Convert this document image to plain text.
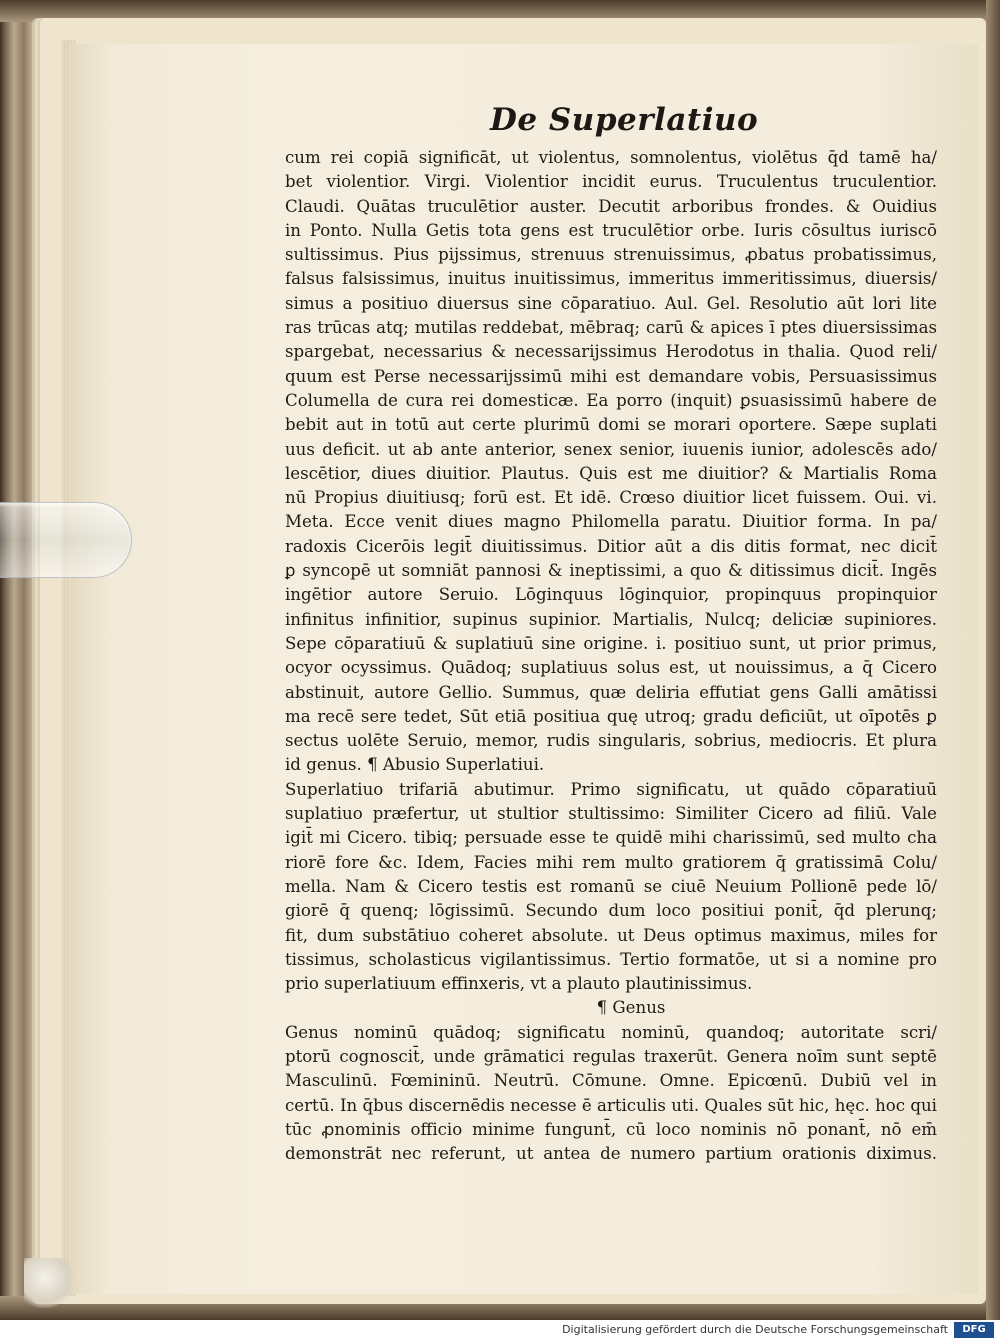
De Superlatiuo
cum rei copiā significāt, ut violentus, somnolentus, violētus q̄d tamē ha/
bet violentior. Virgi. Violentior incidit eurus. Truculentus truculentior.
Claudi. Quātas truculētior auster. Decutit arboribus frondes. & Ouidius
in Ponto. Nulla Getis tota gens est truculētior orbe. Iuris cōsultus iuriscō
sultissimus. Pius pijssimus, strenuus strenuissimus, ꝓbatus probatissimus,
falsus falsissimus, inuitus inuitissimus, immeritus immeritissimus, diuersis/
simus a positiuo diuersus sine cōparatiuo. Aul. Gel. Resolutio aūt lori lite
ras trūcas atq; mutilas reddebat, mēbraq; carū & apices ī ptes diuersissimas
spargebat, necessarius & necessarijssimus Herodotus in thalia. Quod reli/
quum est Perse necessarijssimū mihi est demandare vobis, Persuasissimus
Columella de cura rei domesticæ. Ea porro (inquit) ꝑsuasissimū habere de
bebit aut in totū aut certe plurimū domi se morari oportere. Sæpe suplati
uus deficit. ut ab ante anterior, senex senior, iuuenis iunior, adolescēs ado/
lescētior, diues diuitior. Plautus. Quis est me diuitior? & Martialis Roma
nū Propius diuitiusq; forū est. Et idē. Crœso diuitior licet fuissem. Oui. vi.
Meta. Ecce venit diues magno Philomella paratu. Diuitior forma. In pa/
radoxis Cicerōis legit̄ diuitissimus. Ditior aūt a dis ditis format, nec dicit̄
ꝑ syncopē ut somniāt pannosi & ineptissimi, a quo & ditissimus dicit̄. Ingēs
ingētior autore Seruio. Lōginquus lōginquior, propinquus propinquior
infinitus infinitior, supinus supinior. Martialis, Nulcq; deliciæ supiniores.
Sepe cōparatiuū & suplatiuū sine origine. i. positiuo sunt, ut prior primus,
ocyor ocyssimus. Quādoq; suplatiuus solus est, ut nouissimus, a q̄ Cicero
abstinuit, autore Gellio. Summus, quæ deliria effutiat gens Galli amātissi
ma recē sere tedet, Sūt etiā positiua quę utroq; gradu deficiūt, ut oīpotēs ꝑ
sectus uolēte Seruio, memor, rudis singularis, sobrius, mediocris. Et plura
id genus. ¶ Abusio Superlatiui.
Superlatiuo trifariā abutimur. Primo significatu, ut quādo cōparatiuū
suplatiuo præfertur, ut stultior stultissimo: Similiter Cicero ad filiū. Vale
igit̄ mi Cicero. tibiq; persuade esse te quidē mihi charissimū, sed multo cha
riorē fore &c. Idem, Facies mihi rem multo gratiorem q̄ gratissimā Colu/
mella. Nam & Cicero testis est romanū se ciuē Neuium Pollionē pede lō/
giorē q̄ quenq; lōgissimū. Secundo dum loco positiui ponit̄, q̄d plerunq;
fit, dum substātiuo coheret absolute. ut Deus optimus maximus, miles for
tissimus, scholasticus vigilantissimus. Tertio formatōe, ut si a nomine pro
prio superlatiuum effinxeris, vt a plauto plautinissimus.
¶ Genus
Genus nominū quādoq; significatu nominū, quandoq; autoritate scri/
ptorū cognoscit̄, unde grāmatici regulas traxerūt. Genera noīm sunt septē
Masculinū. Fœmininū. Neutrū. Cōmune. Omne. Epicœnū. Dubiū vel in
certū. In q̄bus discernēdis necesse ē articulis uti. Quales sūt hic, hęc. hoc qui
tūc ꝓnominis officio minime fungunt̄, cū loco nominis nō ponant̄, nō em̄
demonstrāt nec referunt, ut antea de numero partium orationis diximus.
Digitalisierung gefördert durch die Deutsche Forschungsgemeinschaft	DFG
